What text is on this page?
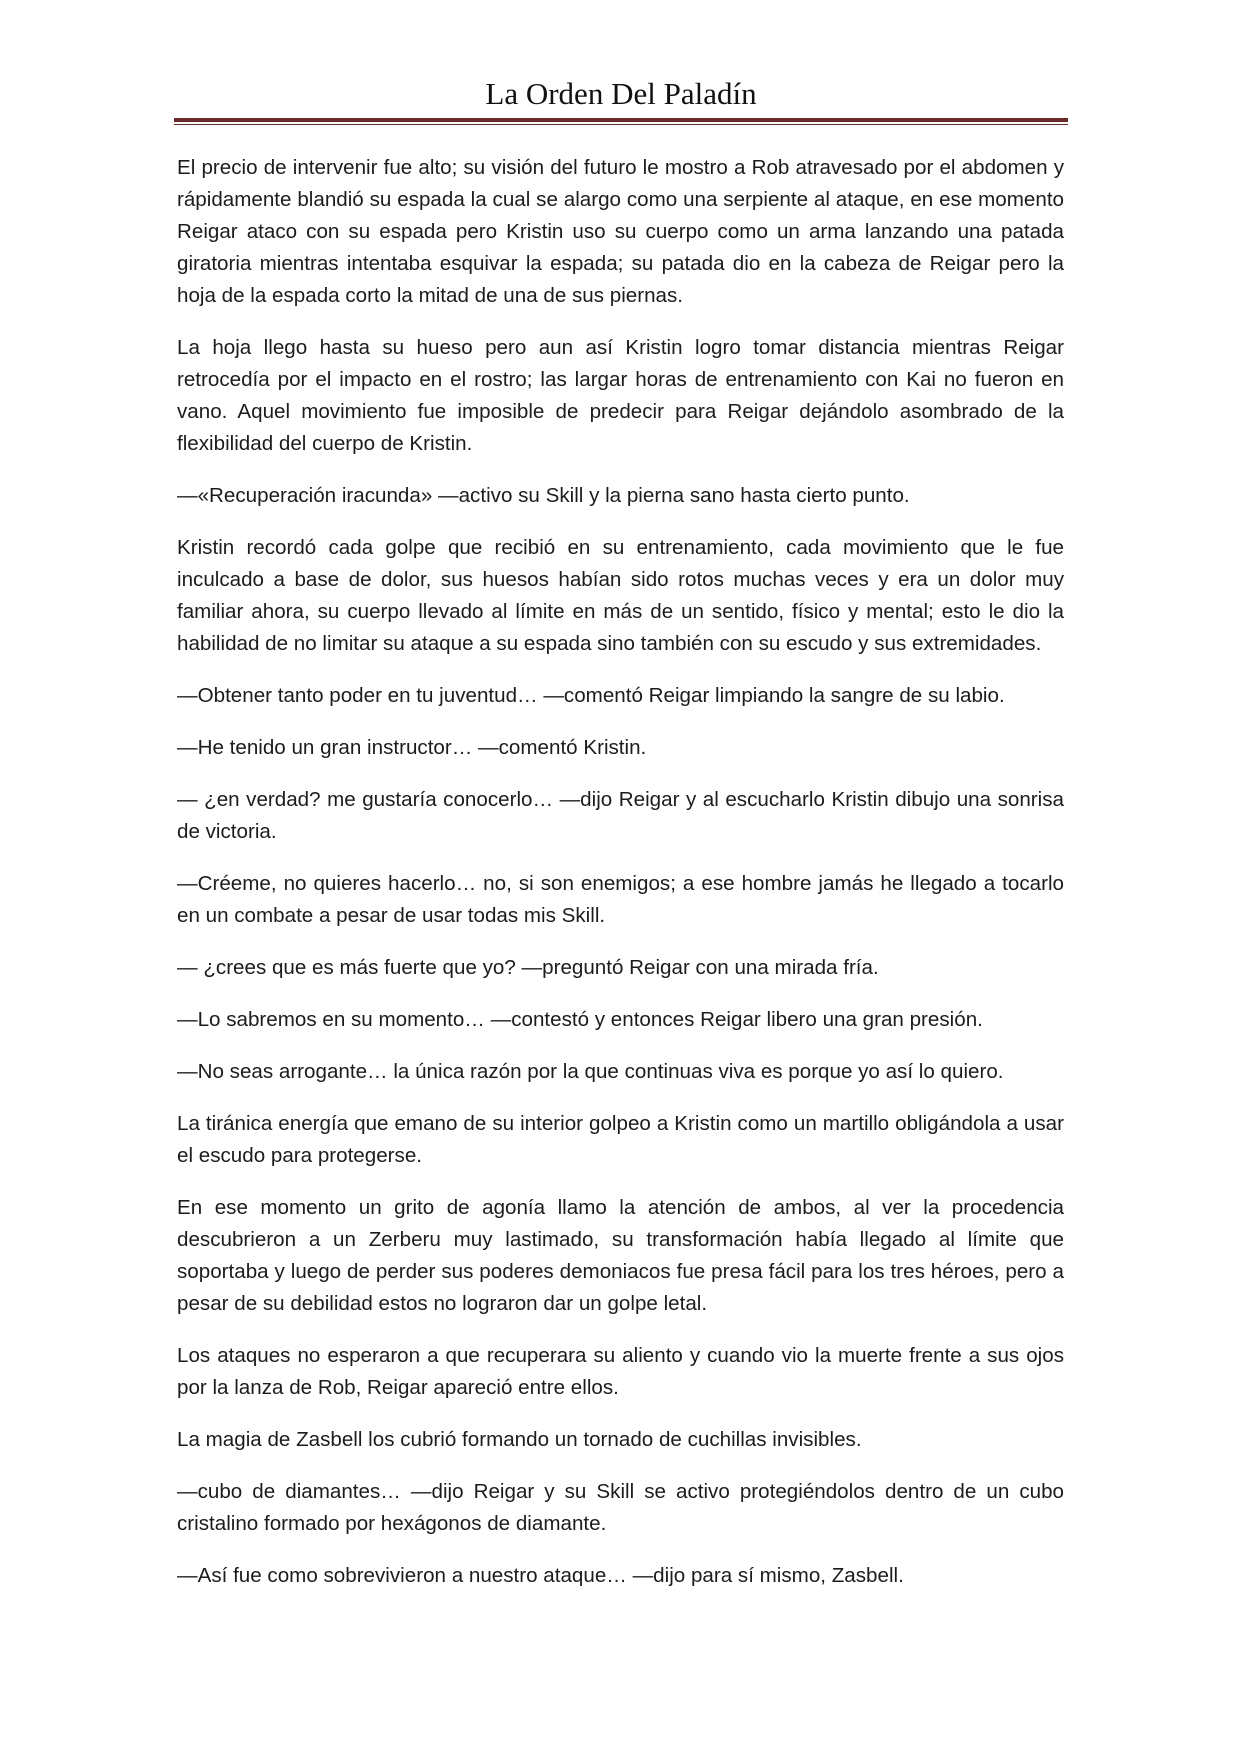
La Orden Del Paladín

El precio de intervenir fue alto; su visión del futuro le mostro a Rob atravesado por el abdomen y rápidamente blandió su espada la cual se alargo como una serpiente al ataque, en ese momento Reigar ataco con su espada pero Kristin uso su cuerpo como un arma lanzando una patada giratoria mientras intentaba esquivar la espada; su patada dio en la cabeza de Reigar pero la hoja de la espada corto la mitad de una de sus piernas.

La hoja llego hasta su hueso pero aun así Kristin logro tomar distancia mientras Reigar retrocedía por el impacto en el rostro; las largar horas de entrenamiento con Kai no fueron en vano. Aquel movimiento fue imposible de predecir para Reigar dejándolo asombrado de la flexibilidad del cuerpo de Kristin.

—«Recuperación iracunda» —activo su Skill y la pierna sano hasta cierto punto.

Kristin recordó cada golpe que recibió en su entrenamiento, cada movimiento que le fue inculcado a base de dolor, sus huesos habían sido rotos muchas veces y era un dolor muy familiar ahora, su cuerpo llevado al límite en más de un sentido, físico y mental; esto le dio la habilidad de no limitar su ataque a su espada sino también con su escudo y sus extremidades.

—Obtener tanto poder en tu juventud… —comentó Reigar limpiando la sangre de su labio.

—He tenido un gran instructor… —comentó Kristin.

— ¿en verdad? me gustaría conocerlo… —dijo Reigar y al escucharlo Kristin dibujo una sonrisa de victoria.

—Créeme, no quieres hacerlo… no, si son enemigos; a ese hombre jamás he llegado a tocarlo en un combate a pesar de usar todas mis Skill.

— ¿crees que es más fuerte que yo? —preguntó Reigar con una mirada fría.

—Lo sabremos en su momento… —contestó y entonces Reigar libero una gran presión.

—No seas arrogante… la única razón por la que continuas viva es porque yo así lo quiero.

La tiránica energía que emano de su interior golpeo a Kristin como un martillo obligándola a usar el escudo para protegerse.

En ese momento un grito de agonía llamo la atención de ambos, al ver la procedencia descubrieron a un Zerberu muy lastimado, su transformación había llegado al límite que soportaba y luego de perder sus poderes demoniacos fue presa fácil para los tres héroes, pero a pesar de su debilidad estos no lograron dar un golpe letal.

Los ataques no esperaron a que recuperara su aliento y cuando vio la muerte frente a sus ojos por la lanza de Rob, Reigar apareció entre ellos.

La magia de Zasbell los cubrió formando un tornado de cuchillas invisibles.

—cubo de diamantes… —dijo Reigar y su Skill se activo protegiéndolos dentro de un cubo cristalino formado por hexágonos de diamante.

—Así fue como sobrevivieron a nuestro ataque… —dijo para sí mismo, Zasbell.
